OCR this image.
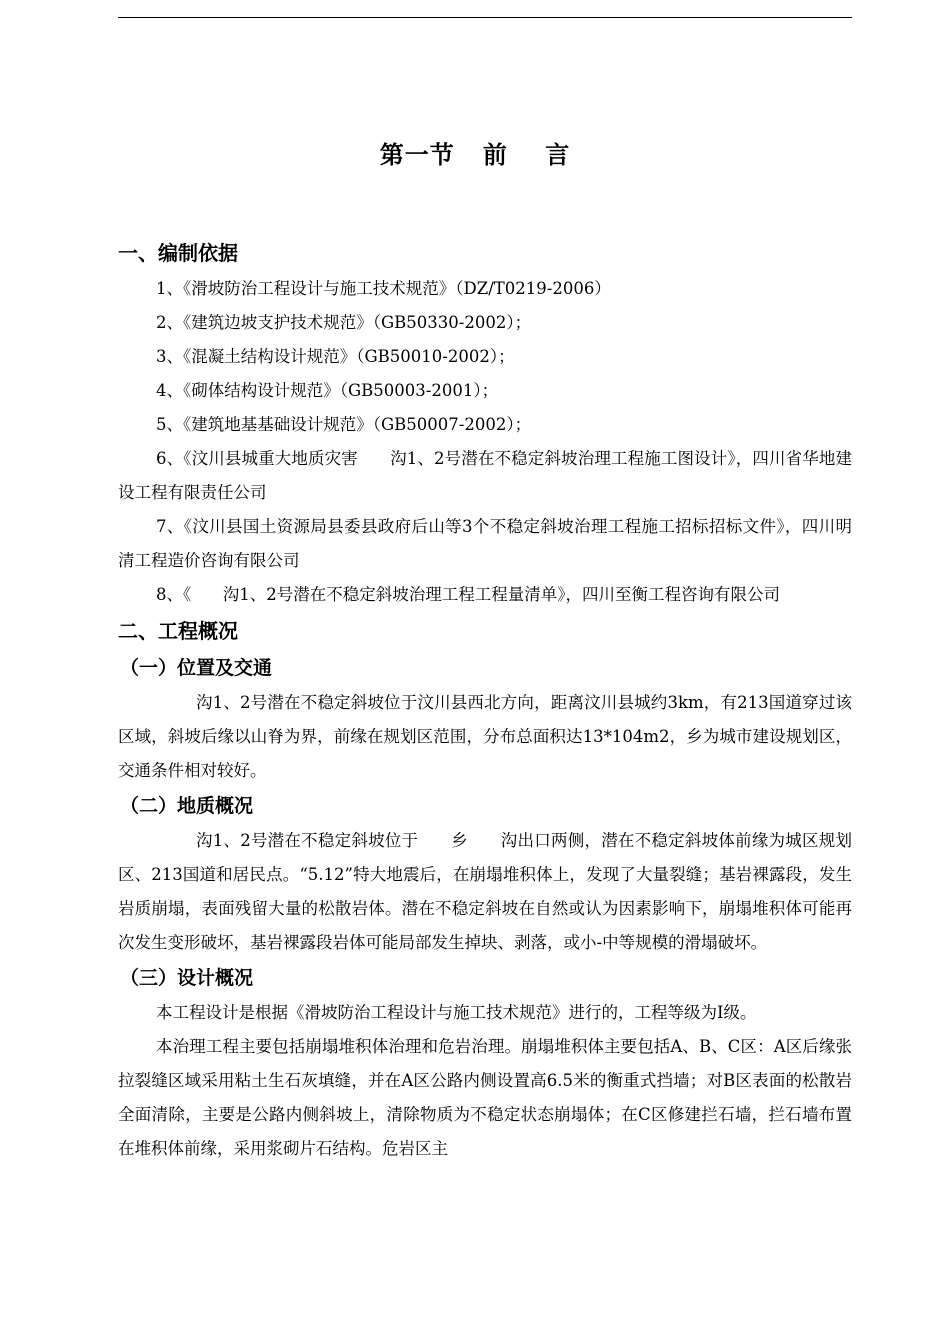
第一节   前    言
一、编制依据
1、《滑坡防治工程设计与施工技术规范》（DZ/T0219-2006）
2、《建筑边坡支护技术规范》（GB50330-2002）；
3、《混凝土结构设计规范》（GB50010-2002）；
4、《砌体结构设计规范》（GB50003-2001）；
5、《建筑地基基础设计规范》（GB50007-2002）；
6、《汶川县城重大地质灾害      沟1、2号潜在不稳定斜坡治理工程施工图设计》，四川省华地建设工程有限责任公司
7、《汶川县国土资源局县委县政府后山等3个不稳定斜坡治理工程施工招标招标文件》，四川明清工程造价咨询有限公司
8、《      沟1、2号潜在不稳定斜坡治理工程工程量清单》，四川至衡工程咨询有限公司
二、工程概况
（一）位置及交通
沟1、2号潜在不稳定斜坡位于汶川县西北方向，距离汶川县城约3km，有213国道穿过该区域，斜坡后缘以山脊为界，前缘在规划区范围，分布总面积达13*104m2，乡为城市建设规划区，交通条件相对较好。
（二）地质概况
沟1、2号潜在不稳定斜坡位于      乡      沟出口两侧，潜在不稳定斜坡体前缘为城区规划区、213国道和居民点。“5.12”特大地震后，在崩塌堆积体上，发现了大量裂缝；基岩裸露段，发生岩质崩塌，表面残留大量的松散岩体。潜在不稳定斜坡在自然或认为因素影响下，崩塌堆积体可能再次发生变形破坏，基岩裸露段岩体可能局部发生掉块、剥落，或小-中等规模的滑塌破坏。
（三）设计概况
本工程设计是根据《滑坡防治工程设计与施工技术规范》进行的，工程等级为Ⅰ级。
本治理工程主要包括崩塌堆积体治理和危岩治理。崩塌堆积体主要包括A、B、C区：A区后缘张拉裂缝区域采用粘土生石灰填缝，并在A区公路内侧设置高6.5米的衡重式挡墙；对B区表面的松散岩全面清除，主要是公路内侧斜坡上，清除物质为不稳定状态崩塌体；在C区修建拦石墙，拦石墙布置在堆积体前缘，采用浆砌片石结构。危岩区主
